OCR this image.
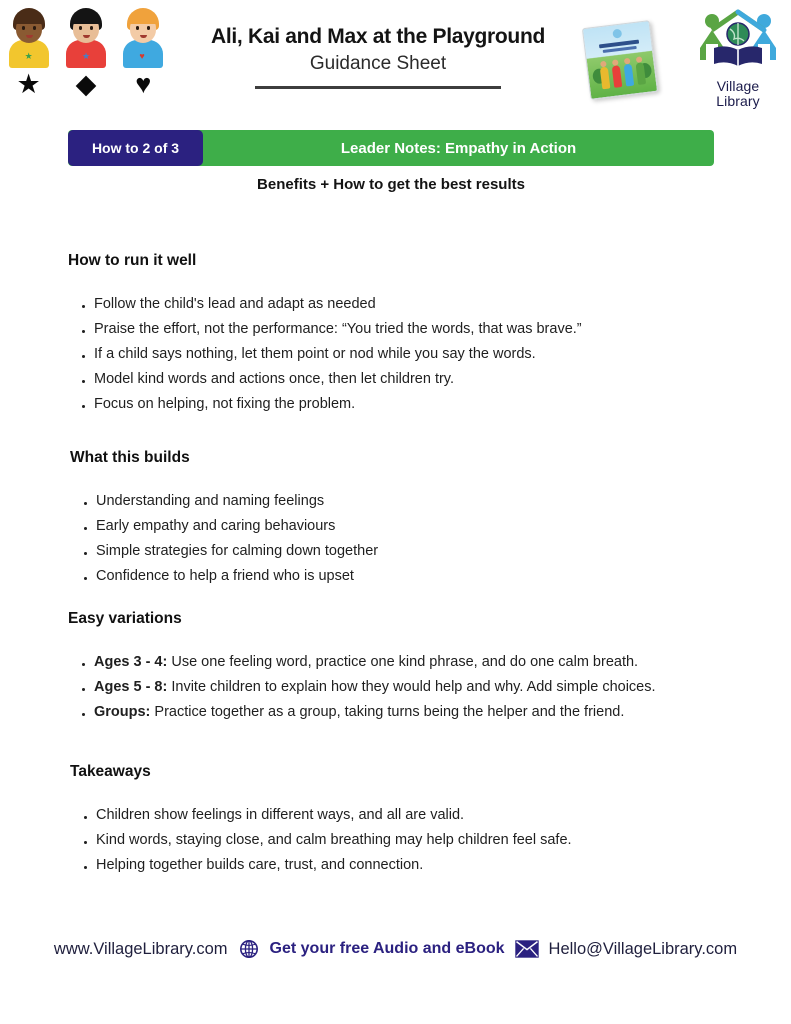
★
★
★
◆
♥
♥
Ali, Kai and Max at the Playground
Guidance Sheet
Village
Library
How to 2 of 3	Leader Notes: Empathy in Action
Benefits + How to get the best results
How to run it well
Follow the child's lead and adapt as needed
Praise the effort, not the performance: “You tried the words, that was brave.”
If a child says nothing, let them point or nod while you say the words.
Model kind words and actions once, then let children try.
Focus on helping, not fixing the problem.
What this builds
Understanding and naming feelings
Early empathy and caring behaviours
Simple strategies for calming down together
Confidence to help a friend who is upset
Easy variations
Ages 3 - 4: Use one feeling word, practice one kind phrase, and do one calm breath.
Ages 5 - 8: Invite children to explain how they would help and why. Add simple choices.
Groups: Practice together as a group, taking turns being the helper and the friend.
Takeaways
Children show feelings in different ways, and all are valid.
Kind words, staying close, and calm breathing may help children feel safe.
Helping together builds care, trust, and connection.
www.VillageLibrary.com	Get your free Audio and eBook	Hello@VillageLibrary.com
